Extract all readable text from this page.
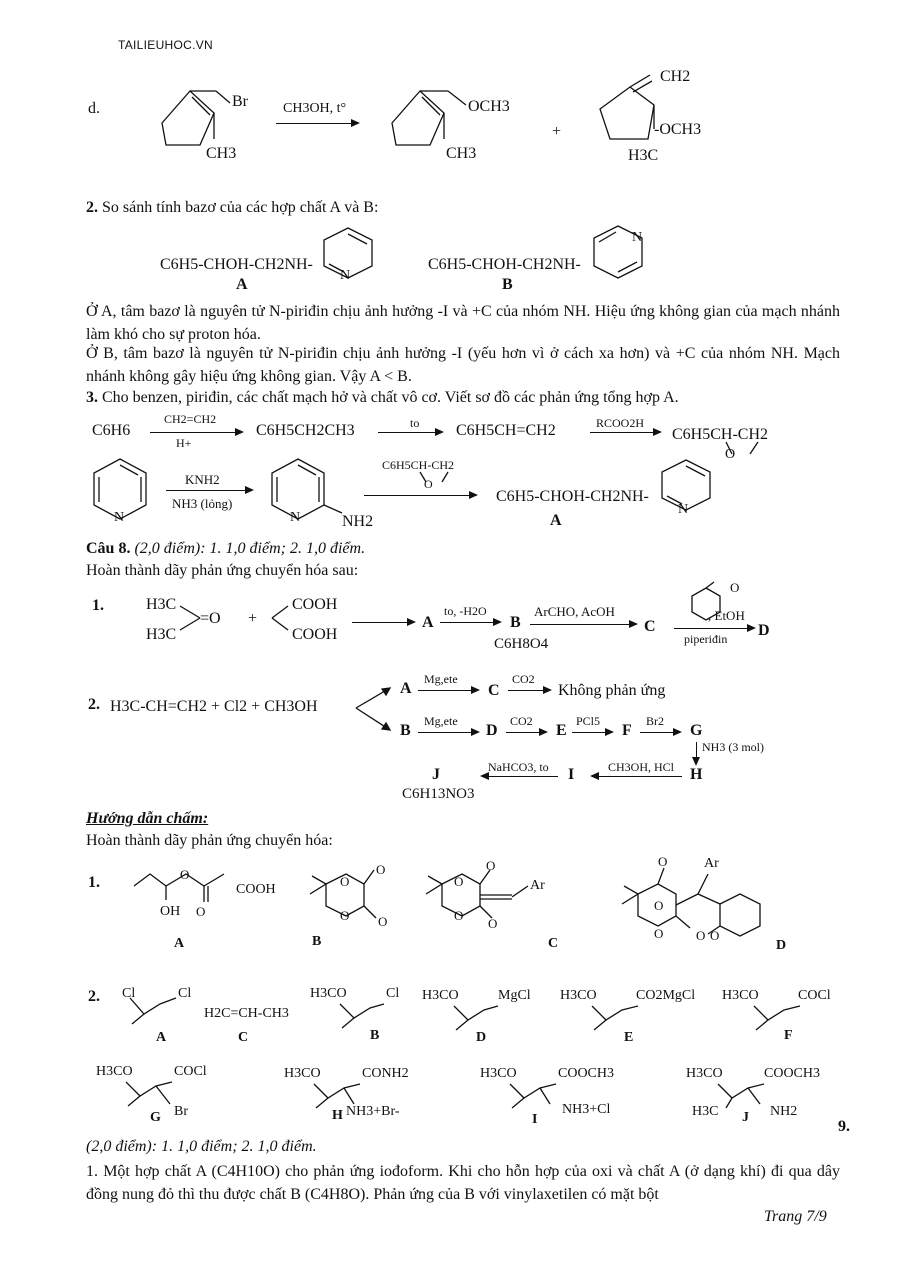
TAILIEUHOC.VN
d.	Br
CH3
CH3OH, t°	OCH3
CH3
+
CH2
-OCH3
H3C
2. So sánh tính bazơ của các hợp chất A và B:
C6H5-CHOH-CH2NH-
N
A
C6H5-CHOH-CH2NH-
N
B
Ở A, tâm bazơ là nguyên tử N-piriđin chịu ảnh hưởng -I và +C của nhóm NH. Hiệu ứng không gian của mạch nhánh làm khó cho sự proton hóa.
Ở B, tâm bazơ là nguyên tử N-piriđin chịu ảnh hưởng -I (yếu hơn vì ở cách xa hơn) và +C của nhóm NH. Mạch nhánh không gây hiệu ứng không gian. Vậy A < B.
3. Cho benzen, piriđin, các chất mạch hở và chất vô cơ. Viết sơ đồ các phản ứng tổng hợp A.
C6H6
CH2=CH2
H+
C6H5CH2CH3	to C6H5CH=CH2	RCOO2H
C6H5CH-CH2
O
N
KNH2
NH3 (lỏng)
N	NH2
C6H5CH-CH2
O
C6H5-CHOH-CH2NH-
N
A
Câu 8. (2,0 điểm): 1. 1,0 điểm; 2. 1,0 điểm.
Hoàn thành dãy phản ứng chuyển hóa sau:
1.	H3C
H3C
=O +
COOH
COOH
A
to, -H2O
B
C6H8O4
ArCHO, AcOH
C
O
, EtOH
piperiđin D
2. H3C-CH=CH2 + Cl2 + CH3OH
A
Mg,ete
C
CO2
Không phản ứng
B
Mg,ete
D
CO2
E
PCl5
F
Br2
G
NH3 (3 mol)
H
CH3OH, HCl
I
NaHCO3, to
J
C6H13NO3
Hướng dẫn chấm:
Hoàn thành dãy phản ứng chuyển hóa:
1.	O
OH O
COOH
A
O
O
O
O
B
O
O
O
O
Ar
C
O
O
O	O O
Ar
D
2. Cl	Cl
A
H2C=CH-CH3
C
H3CO	Cl
B
H3CO	MgCl
D
H3CO	CO2MgCl
E
H3CO	COCl
F
H3CO	COCl
Br
G
H3CO	CONH2
NH3+Br-
H
H3CO	COOCH3
NH3+Cl
I
H3CO	COOCH3
H3C	NH2
J
9.
(2,0 điểm): 1. 1,0 điểm; 2. 1,0 điểm.
1. Một hợp chất A (C4H10O) cho phản ứng iođoform. Khi cho hỗn hợp của oxi và chất A (ở dạng khí) đi qua dây đồng nung đỏ thì thu được chất B (C4H8O). Phản ứng của B với vinylaxetilen có mặt bột
Trang 7/9
